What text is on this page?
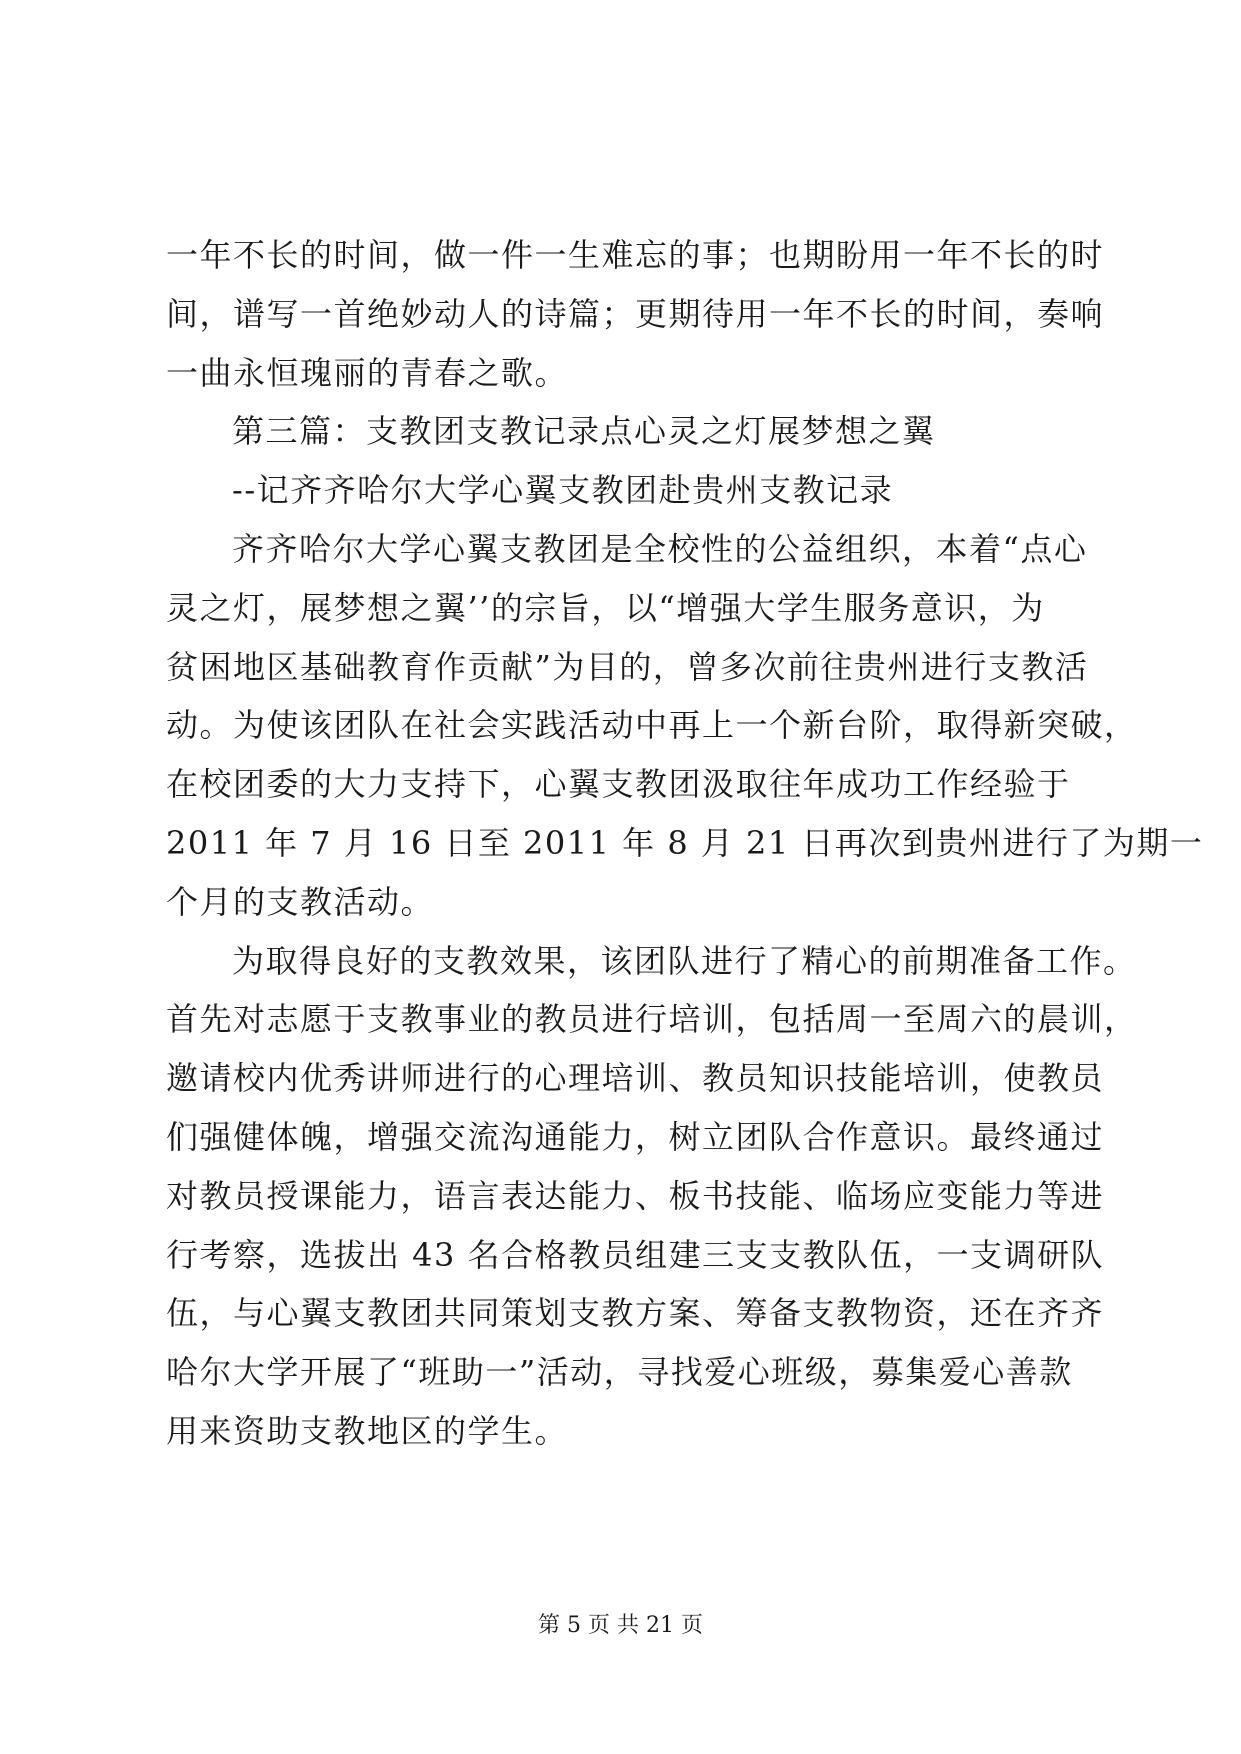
一年不长的时间，做一件一生难忘的事；也期盼用一年不长的时
间，谱写一首绝妙动人的诗篇；更期待用一年不长的时间，奏响
一曲永恒瑰丽的青春之歌。
第三篇：支教团支教记录点心灵之灯展梦想之翼
--记齐齐哈尔大学心翼支教团赴贵州支教记录
齐齐哈尔大学心翼支教团是全校性的公益组织，本着“点心
灵之灯，展梦想之翼’’的宗旨，以“增强大学生服务意识，为
贫困地区基础教育作贡献”为目的，曾多次前往贵州进行支教活
动。为使该团队在社会实践活动中再上一个新台阶，取得新突破，
在校团委的大力支持下，心翼支教团汲取往年成功工作经验于
2011 年 7 月 16 日至 2011 年 8 月 21 日再次到贵州进行了为期一
个月的支教活动。
为取得良好的支教效果，该团队进行了精心的前期准备工作。
首先对志愿于支教事业的教员进行培训，包括周一至周六的晨训，
邀请校内优秀讲师进行的心理培训、教员知识技能培训，使教员
们强健体魄，增强交流沟通能力，树立团队合作意识。最终通过
对教员授课能力，语言表达能力、板书技能、临场应变能力等进
行考察，选拔出 43 名合格教员组建三支支教队伍，一支调研队
伍，与心翼支教团共同策划支教方案、筹备支教物资，还在齐齐
哈尔大学开展了“班助一”活动，寻找爱心班级，募集爱心善款
用来资助支教地区的学生。
第 5 页 共 21 页
